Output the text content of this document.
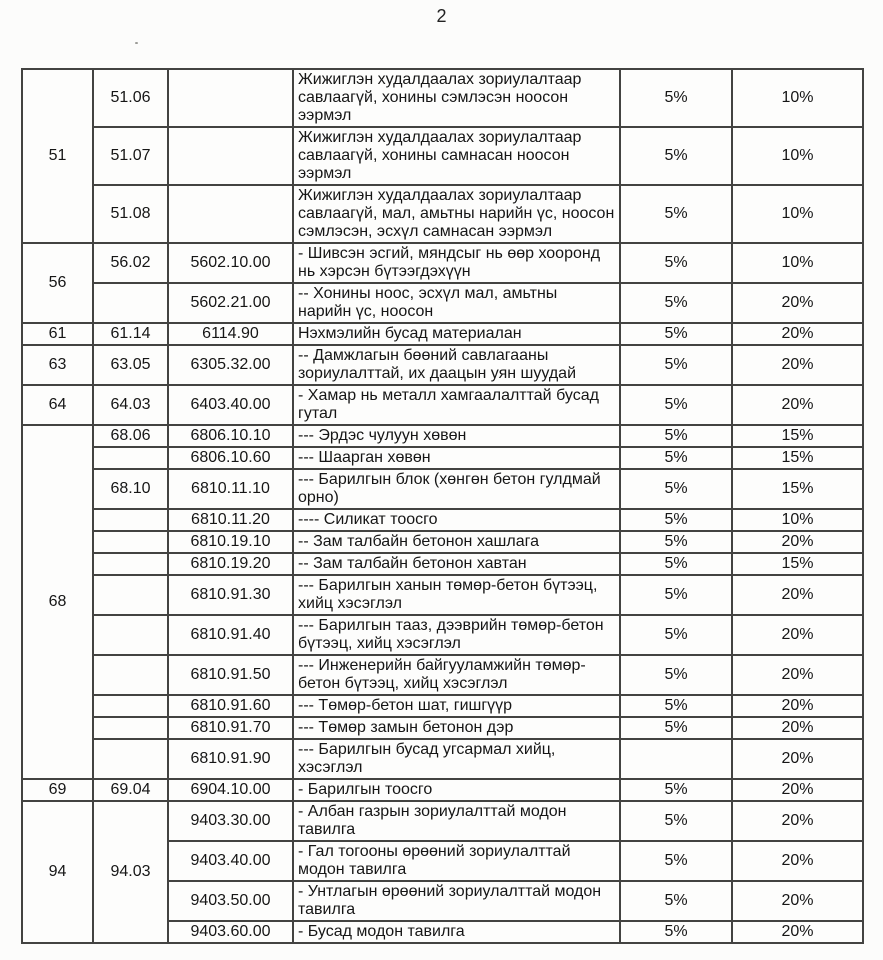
2
51	51.06		Жижиглэн худалдаалах зориулалтаар савлаагүй, хонины сэмлэсэн ноосон ээрмэл	5%	10%
	51.07		Жижиглэн худалдаалах зориулалтаар савлаагүй, хонины самнасан ноосон ээрмэл	5%	10%
	51.08		Жижиглэн худалдаалах зориулалтаар савлаагүй, мал, амьтны нарийн үс, ноосон сэмлэсэн, эсхүл самнасан ээрмэл	5%	10%
56	56.02	5602.10.00	- Шивсэн эсгий, мяндсыг нь өөр хооронд нь хэрсэн бүтээгдэхүүн	5%	10%
		5602.21.00	-- Хонины ноос, эсхүл мал, амьтны нарийн үс, ноосон	5%	20%
61	61.14	6114.90	Нэхмэлийн бусад материалан	5%	20%
63	63.05	6305.32.00	-- Дамжлагын бөөний савлагааны зориулалттай, их даацын уян шуудай	5%	20%
64	64.03	6403.40.00	- Хамар нь металл хамгаалалттай бусад гутал	5%	20%
68	68.06	6806.10.10	--- Эрдэс чулуун хөвөн	5%	15%
		6806.10.60	--- Шаарган хөвөн	5%	15%
	68.10	6810.11.10	--- Барилгын блок (хөнгөн бетон гулдмай орно)	5%	15%
		6810.11.20	---- Силикат тоосго	5%	10%
		6810.19.10	-- Зам талбайн бетонон хашлага	5%	20%
		6810.19.20	-- Зам талбайн бетонон хавтан	5%	15%
		6810.91.30	--- Барилгын ханын төмөр-бетон бүтээц, хийц хэсэглэл	5%	20%
		6810.91.40	--- Барилгын тааз, дээврийн төмөр-бетон бүтээц, хийц хэсэглэл	5%	20%
		6810.91.50	--- Инженерийн байгууламжийн төмөр-бетон бүтээц, хийц хэсэглэл	5%	20%
		6810.91.60	--- Төмөр-бетон шат, гишгүүр	5%	20%
		6810.91.70	--- Төмөр замын бетонон дэр	5%	20%
		6810.91.90	--- Барилгын бусад угсармал хийц, хэсэглэл		20%
69	69.04	6904.10.00	- Барилгын тоосго	5%	20%
94	94.03	9403.30.00	- Албан газрын зориулалттай модон тавилга	5%	20%
		9403.40.00	- Гал тогооны өрөөний зориулалттай модон тавилга	5%	20%
		9403.50.00	- Унтлагын өрөөний зориулалттай модон тавилга	5%	20%
		9403.60.00	- Бусад модон тавилга	5%	20%
